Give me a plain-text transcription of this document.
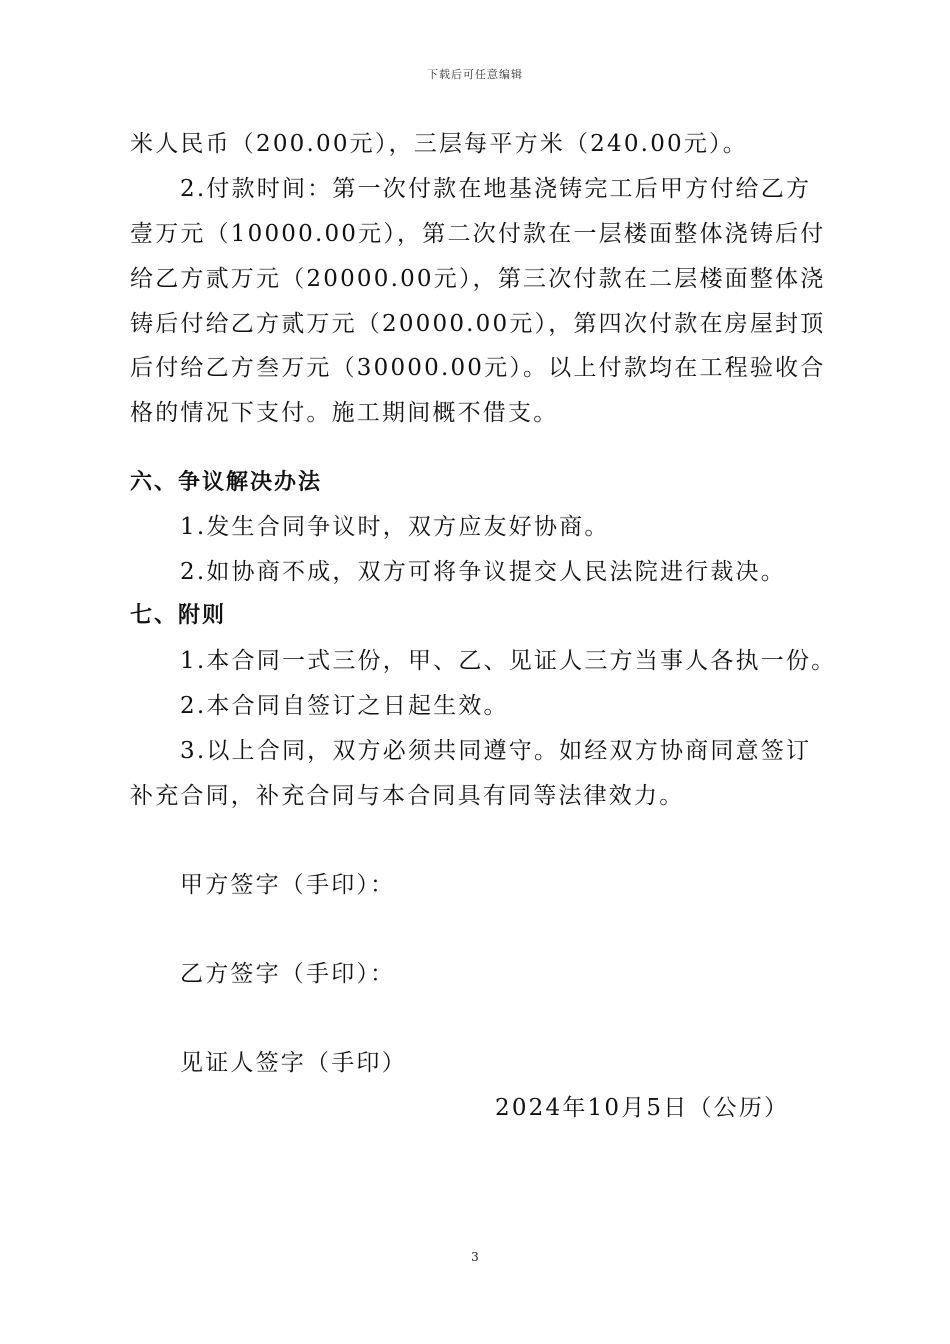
下载后可任意编辑
米人民币（200.00元），三层每平方米（240.00元）。
2.付款时间：第一次付款在地基浇铸完工后甲方付给乙方
壹万元（10000.00元），第二次付款在一层楼面整体浇铸后付
给乙方贰万元（20000.00元），第三次付款在二层楼面整体浇
铸后付给乙方贰万元（20000.00元），第四次付款在房屋封顶
后付给乙方叁万元（30000.00元）。以上付款均在工程验收合
格的情况下支付。施工期间概不借支。
六、争议解决办法
1.发生合同争议时，双方应友好协商。
2.如协商不成，双方可将争议提交人民法院进行裁决。
七、附则
1.本合同一式三份，甲、乙、见证人三方当事人各执一份。
2.本合同自签订之日起生效。
3.以上合同，双方必须共同遵守。如经双方协商同意签订
补充合同，补充合同与本合同具有同等法律效力。
甲方签字（手印）：
乙方签字（手印）：
见证人签字（手印）
2024年10月5日（公历）
3
